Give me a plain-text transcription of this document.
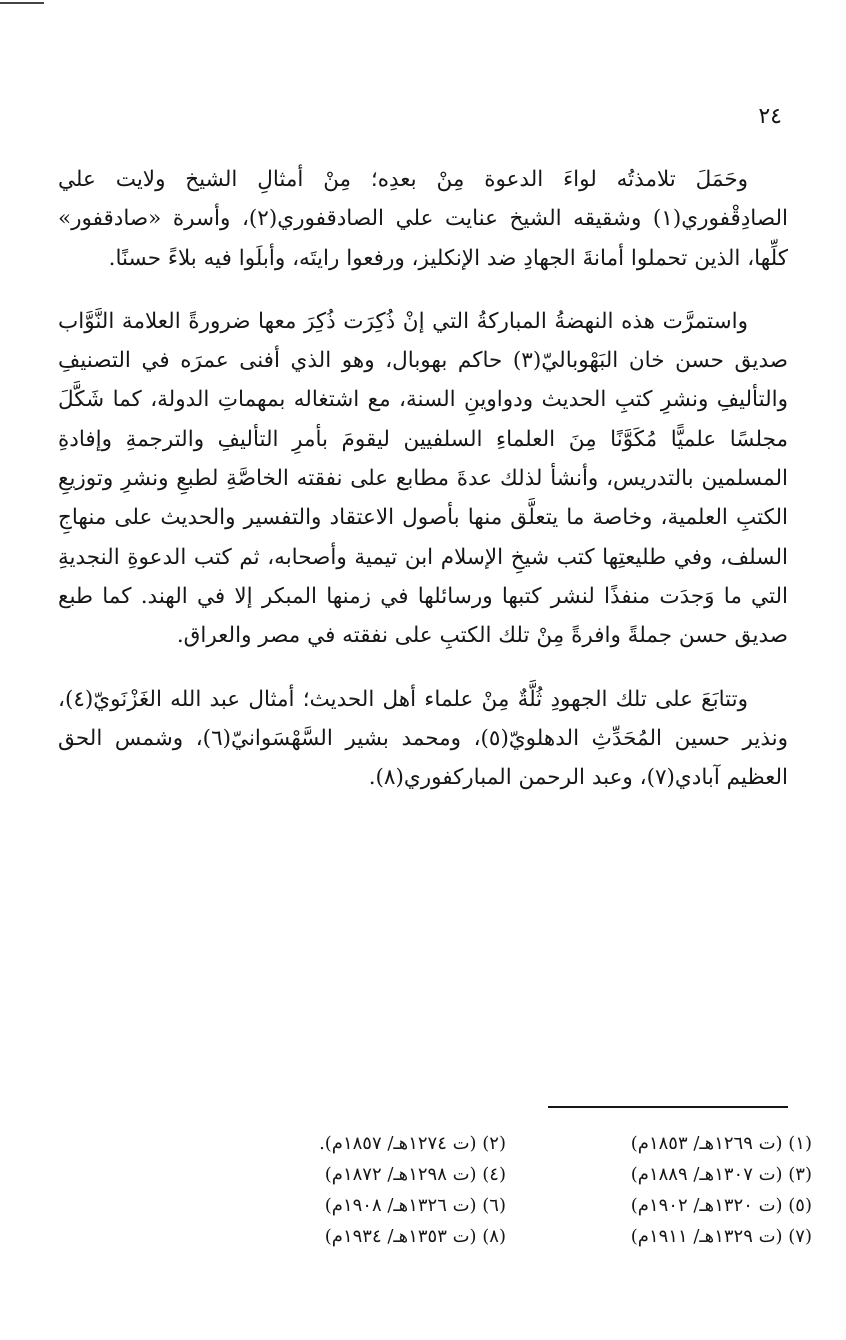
٢٤

وحَمَلَ تلامذتُه لواءَ الدعوة مِنْ بعدِه؛ مِنْ أمثالِ الشيخ ولايت علي الصادِقْفوري(١) وشقيقه الشيخ عنايت علي الصادقفوري(٢)، وأسرة «صادقفور» كلِّها، الذين تحملوا أمانةَ الجهادِ ضد الإنكليز، ورفعوا رايتَه، وأبلَوا فيه بلاءً حسنًا.

واستمرَّت هذه النهضةُ المباركةُ التي إنْ ذُكِرَت ذُكِرَ معها ضرورةً العلامة النَّوَّاب صديق حسن خان البَهْوباليّ(٣) حاكم بهوبال، وهو الذي أفنى عمرَه في التصنيفِ والتأليفِ ونشرِ كتبِ الحديث ودواوينِ السنة، مع اشتغاله بمهماتِ الدولة، كما شَكَّلَ مجلسًا علميًّا مُكَوَّنًا مِنَ العلماءِ السلفيين ليقومَ بأمرِ التأليفِ والترجمةِ وإفادةِ المسلمين بالتدريس، وأنشأ لذلك عدةَ مطابع على نفقته الخاصَّةِ لطبعِ ونشرِ وتوزيعِ الكتبِ العلمية، وخاصة ما يتعلَّق منها بأصول الاعتقاد والتفسير والحديث على منهاجِ السلف، وفي طليعتِها كتب شيخِ الإسلام ابن تيمية وأصحابه، ثم كتب الدعوةِ النجديةِ التي ما وَجدَت منفذًا لنشر كتبها ورسائلها في زمنها المبكر إلا في الهند. كما طبع صديق حسن جملةً وافرةً مِنْ تلك الكتبِ على نفقته في مصر والعراق.

وتتابَعَ على تلك الجهودِ ثُلَّةٌ مِنْ علماء أهل الحديث؛ أمثال عبد الله الغَزْنَويّ(٤)، ونذير حسين المُحَدِّثِ الدهلويّ(٥)، ومحمد بشير السَّهْسَوانيّ(٦)، وشمس الحق العظيم آبادي(٧)، وعبد الرحمن المباركفوري(٨).

(١) (ت ١٢٦٩هـ/ ١٨٥٣م)
(٢) (ت ١٢٧٤هـ/ ١٨٥٧م).
(٣) (ت ١٣٠٧هـ/ ١٨٨٩م)
(٤) (ت ١٢٩٨هـ/ ١٨٧٢م)
(٥) (ت ١٣٢٠هـ/ ١٩٠٢م)
(٦) (ت ١٣٢٦هـ/ ١٩٠٨م)
(٧) (ت ١٣٢٩هـ/ ١٩١١م)
(٨) (ت ١٣٥٣هـ/ ١٩٣٤م)
